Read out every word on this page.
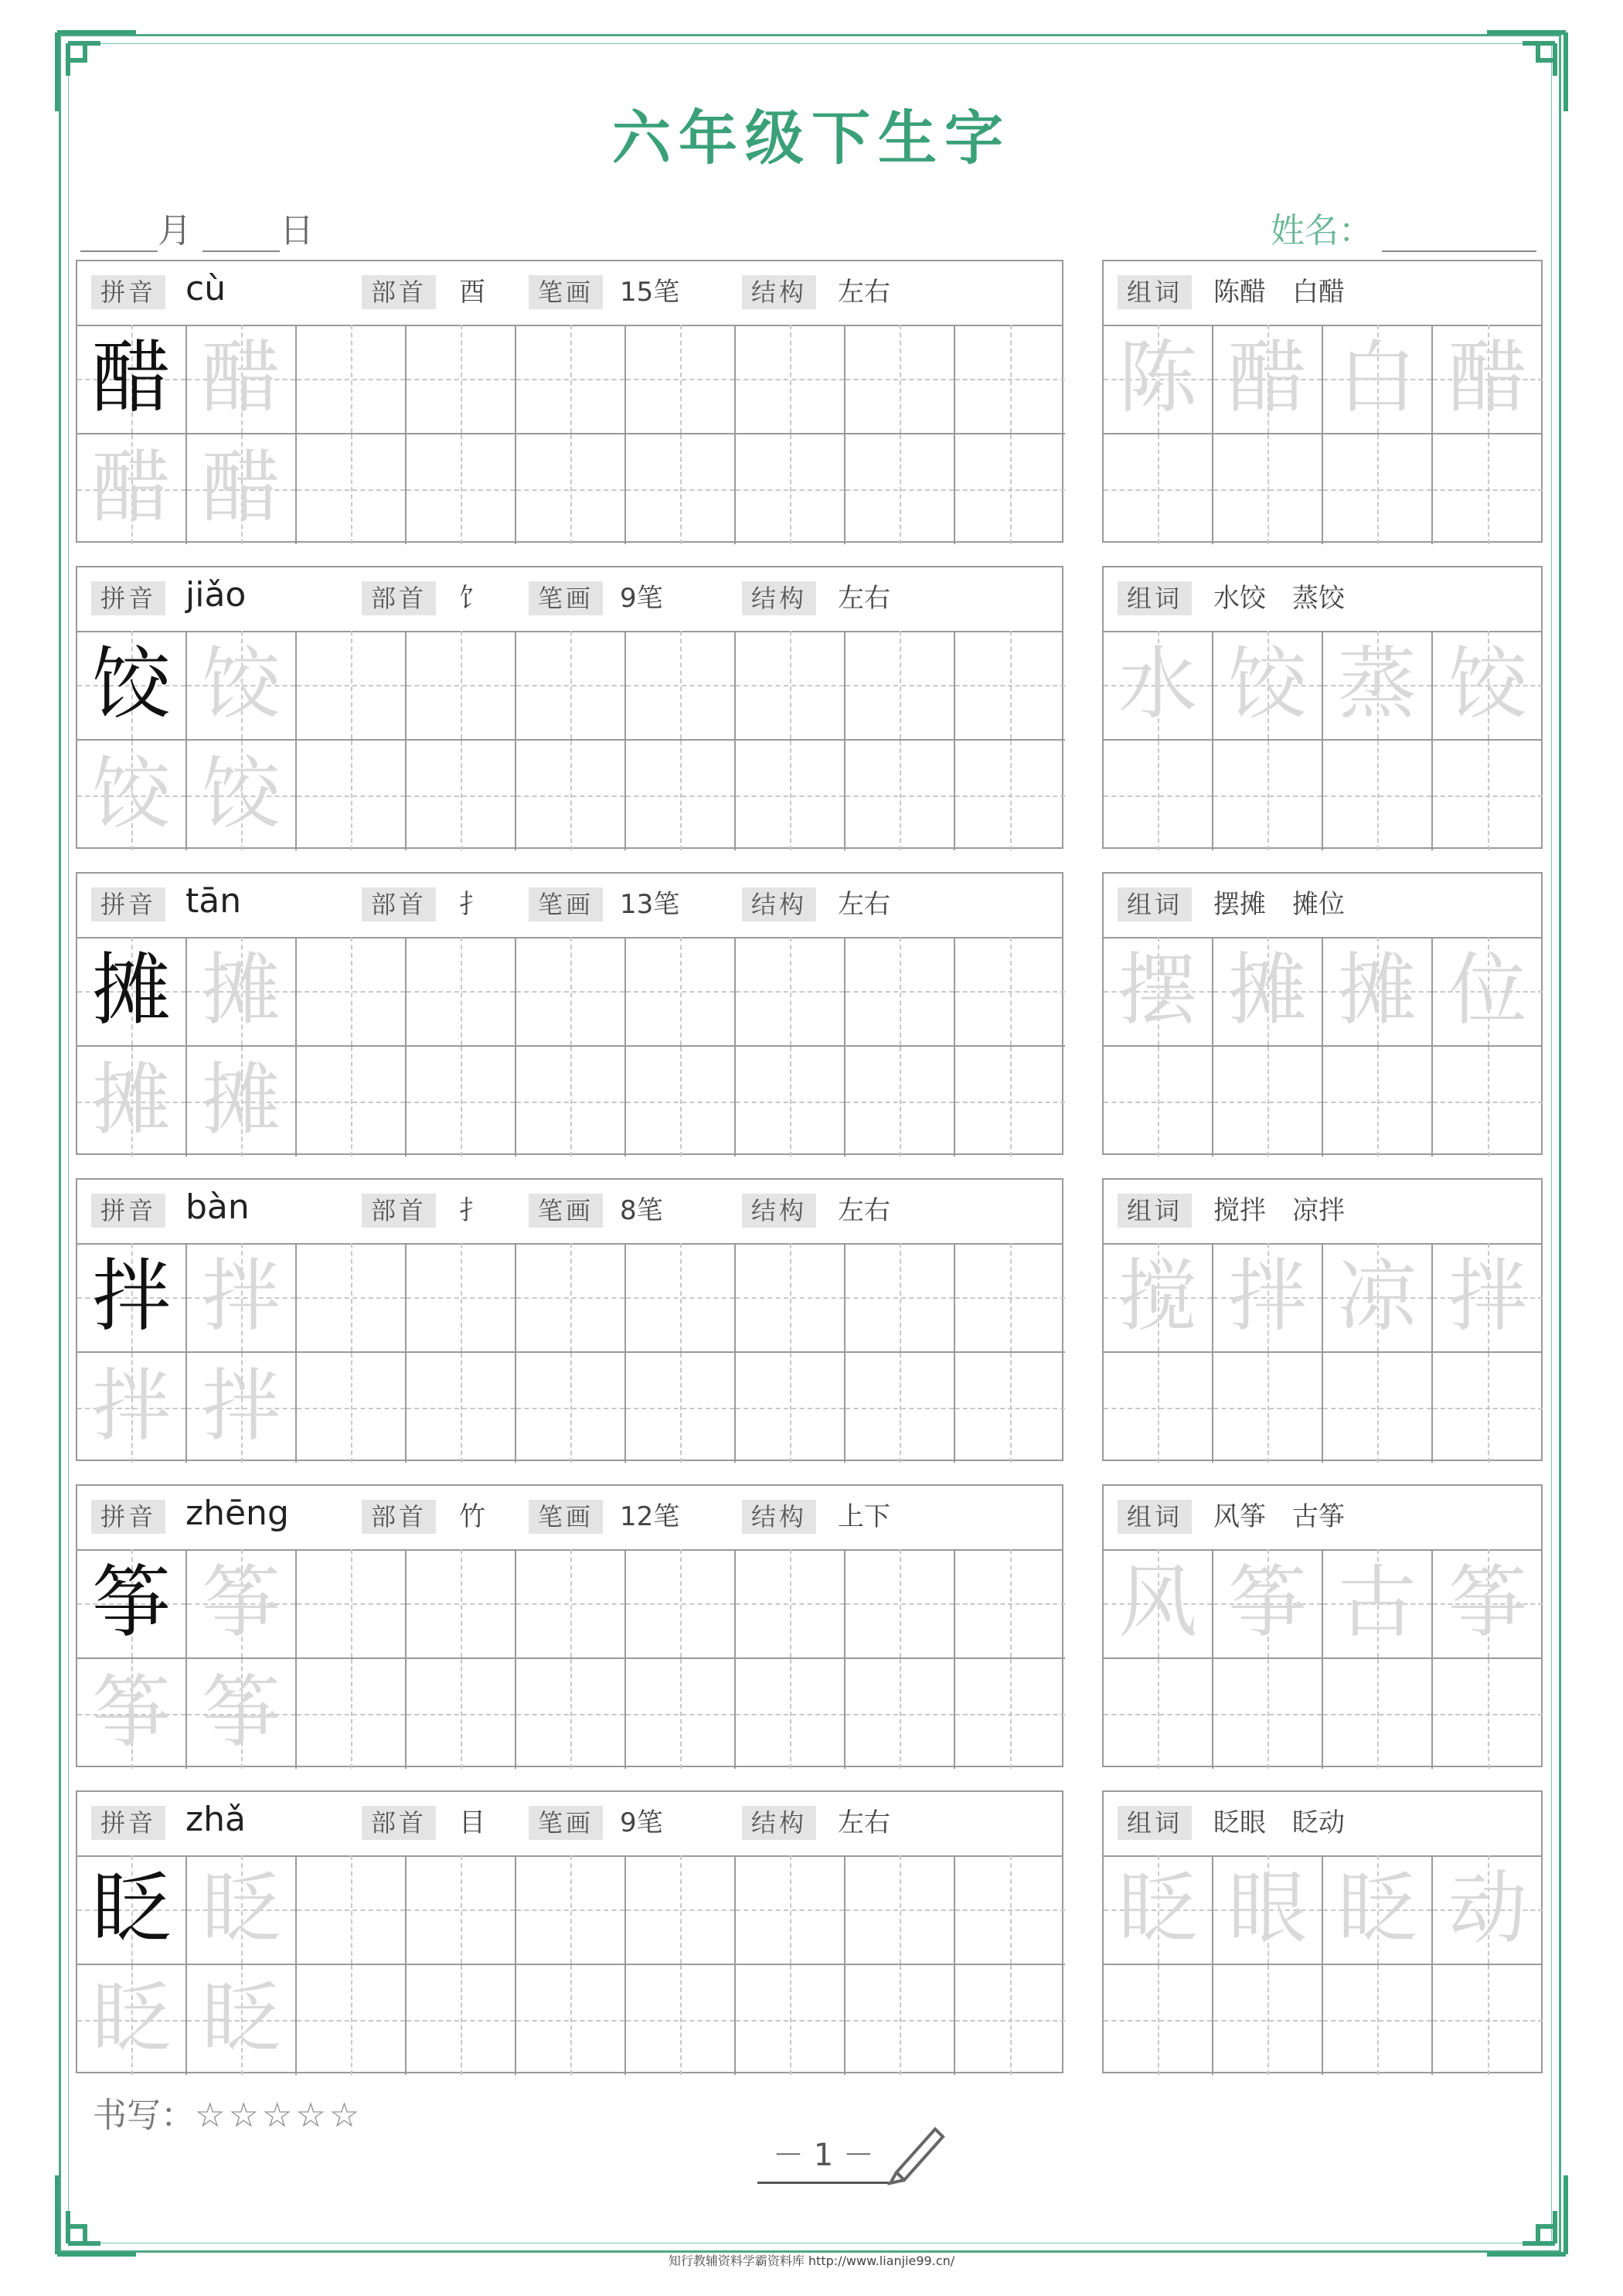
六年级下生字
月	日	姓名：
拼音 cù	部首	酉	笔画 15笔	结构	左右
醋 醋
醋 醋
组词	陈醋　白醋
陈 醋 白 醋
拼音 jiǎo	部首	饣	笔画 9笔	结构	左右
饺 饺
饺 饺
组词	水饺　蒸饺
水 饺 蒸 饺
拼音 tān	部首	扌	笔画 13笔	结构	左右
摊 摊
摊 摊
组词	摆摊　摊位
摆 摊 摊 位
拼音 bàn	部首	扌	笔画 8笔	结构	左右
拌 拌
拌 拌
组词	搅拌　凉拌
搅 拌 凉 拌
拼音 zhēng	部首	竹	笔画 12笔	结构	上下
筝 筝
筝 筝
组词	风筝　古筝
风 筝 古 筝
拼音 zhǎ	部首	目	笔画 9笔	结构	左右
眨 眨
眨 眨
组词	眨眼　眨动
眨 眼 眨 动
书写：☆☆☆☆☆
－ 1 －
知行教辅资料学霸资料库 http://www.lianjie99.cn/
